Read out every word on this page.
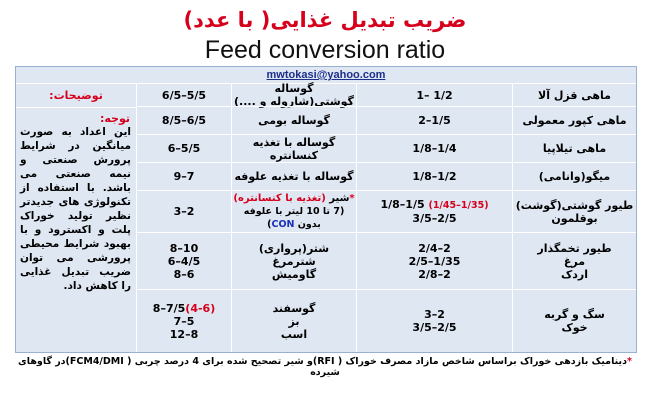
ضریب تبدیل غذایی( با عدد)
Feed conversion ratio
mwtokasi@yahoo.com
ماهی قزل آلا
1/2 –1
گوساله گوشتی(شاروله و ....)
5/5–6/5
ماهی کپور معمولی
1/5–2
گوساله بومی
6/5–8/5
ماهی تیلاپیا
1/4–1/8
گوساله با تغذیه کنسانتره
5/5–6
میگو(وانامی)
1/2–1/8
گوساله با تغذیه علوفه
7–9
طیور گوشتی(گوشت)
بوقلمون
(1/35–1/45) 1/5–1/8
2/5–3/5
*شیر (تغذیه با کنسانتره)
(7 تا 10 لیتر با علوفه بدون CON)
2–3
طیور تخمگذار
مرغ
اردک
2–2/4
1/35–2/5
2–2/8
شتر(پرواری)
شترمرغ
گاومیش
10–8
4/5–6
6–8
سگ و گربه
خوک
2–3
2/5–3/5
گوسفند
بز
اسب
(4-6)7/5–8
5–7
8–12
توضیحات:
توجه:
این اعداد به صورت میانگین در شرایط پرورش صنعتی و نیمه صنعتی می باشد. با استفاده از تکنولوژی های جدیدتر نظیر تولید خوراک پلت و اکسترود و با بهبود شرایط محیطی پرورشی می توان ضریب تبدیل غذایی را کاهش داد.
*دینامیک بازدهی خوراک براساس شاخص مازاد مصرف خوراک ( RFI)و شیر تصحیح شده برای 4 درصد چربی ( FCM4/DMI)در گاوهای شیرده
